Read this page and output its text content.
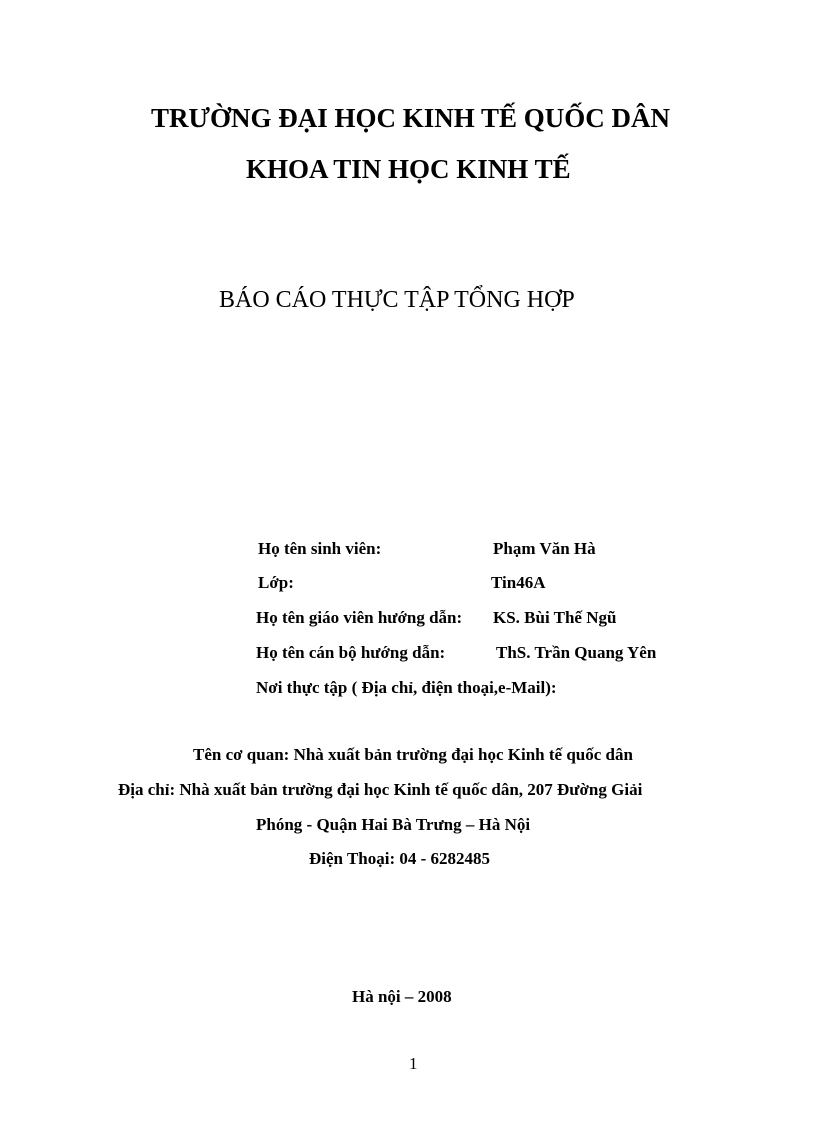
TRƯỜNG ĐẠI HỌC KINH TẾ QUỐC DÂN
KHOA TIN HỌC KINH TẾ
BÁO CÁO THỰC TẬP TỔNG HỢP
Họ tên sinh viên:	Phạm Văn Hà
Lớp:	Tin46A
Họ tên giáo viên hướng dẫn: KS. Bùi Thế Ngũ
Họ tên cán bộ hướng dẫn:	ThS. Trần Quang Yên
Nơi thực tập ( Địa chỉ, điện thoại,e-Mail):
Tên cơ quan: Nhà xuất bản trường đại học Kinh tế quốc dân
Địa chỉ: Nhà xuất bản trường đại học Kinh tế quốc dân, 207 Đường Giải
Phóng - Quận Hai Bà Trưng – Hà Nội
Điện Thoại: 04 - 6282485
Hà nội – 2008
1
